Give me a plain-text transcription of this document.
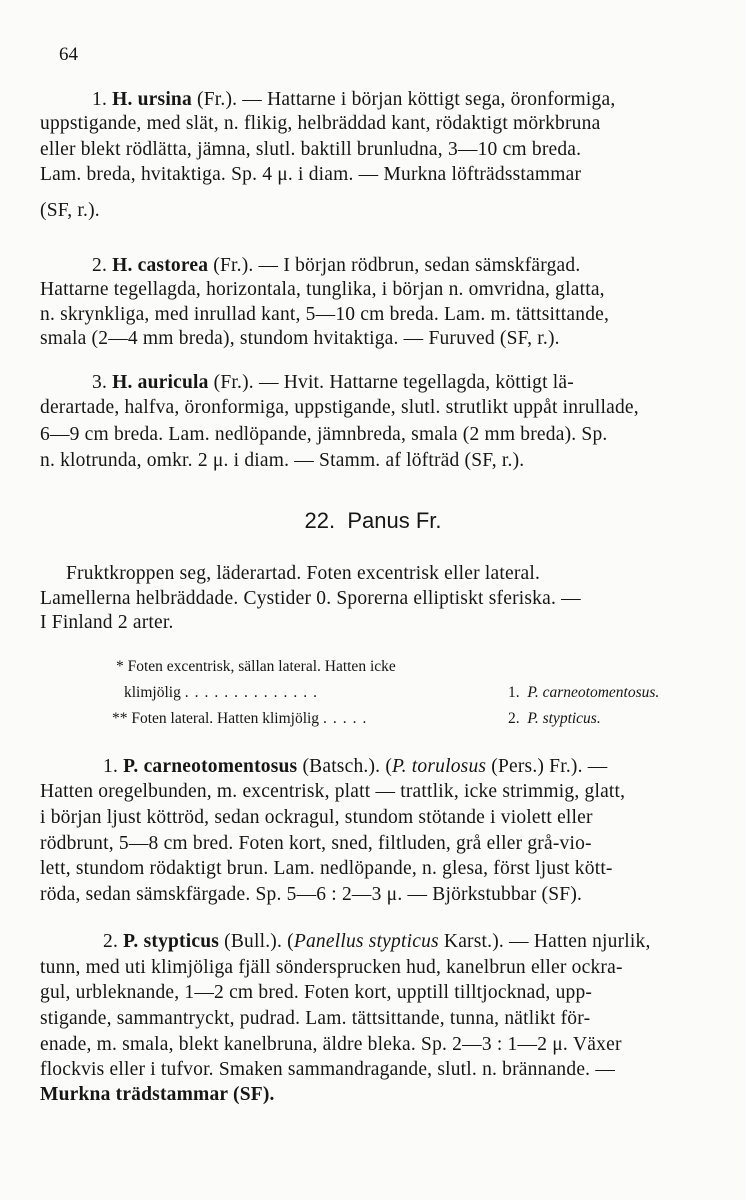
64
1. H. ursina (Fr.). — Hattarne i början köttigt sega, öronformiga,
uppstigande, med slät, n. flikig, helbräddad kant, rödaktigt mörkbruna
eller blekt rödlätta, jämna, slutl. baktill brunludna, 3—10 cm breda.
Lam. breda, hvitaktiga. Sp. 4 μ. i diam. — Murkna löfträdsstammar
(SF, r.).
2. H. castorea (Fr.). — I början rödbrun, sedan sämskfärgad.
Hattarne tegellagda, horizontala, tunglika, i början n. omvridna, glatta,
n. skrynkliga, med inrullad kant, 5—10 cm breda. Lam. m. tättsittande,
smala (2—4 mm breda), stundom hvitaktiga. — Furuved (SF, r.).
3. H. auricula (Fr.). — Hvit. Hattarne tegellagda, köttigt lä-
derartade, halfva, öronformiga, uppstigande, slutl. strutlikt uppåt inrullade,
6—9 cm breda. Lam. nedlöpande, jämnbreda, smala (2 mm breda). Sp.
n. klotrunda, omkr. 2 μ. i diam. — Stamm. af löfträd (SF, r.).
22. Panus Fr.
Fruktkroppen seg, läderartad. Foten excentrisk eller lateral.
Lamellerna helbräddade. Cystider 0. Sporerna elliptiskt sferiska. —
I Finland 2 arter.
* Foten excentrisk, sällan lateral. Hatten icke
klimjölig ..............	1. P. carneotomentosus.
** Foten lateral. Hatten klimjölig .....	2. P. stypticus.
1. P. carneotomentosus (Batsch.). (P. torulosus (Pers.) Fr.). —
Hatten oregelbunden, m. excentrisk, platt — trattlik, icke strimmig, glatt,
i början ljust köttröd, sedan ockragul, stundom stötande i violett eller
rödbrunt, 5—8 cm bred. Foten kort, sned, filtluden, grå eller grå-vio-
lett, stundom rödaktigt brun. Lam. nedlöpande, n. glesa, först ljust kött-
röda, sedan sämskfärgade. Sp. 5—6 : 2—3 μ. — Björkstubbar (SF).
2. P. stypticus (Bull.). (Panellus stypticus Karst.). — Hatten njurlik,
tunn, med uti klimjöliga fjäll söndersprucken hud, kanelbrun eller ockra-
gul, urbleknande, 1—2 cm bred. Foten kort, upptill tilltjocknad, upp-
stigande, sammantryckt, pudrad. Lam. tättsittande, tunna, nätlikt för-
enade, m. smala, blekt kanelbruna, äldre bleka. Sp. 2—3 : 1—2 μ. Växer
flockvis eller i tufvor. Smaken sammandragande, slutl. n. brännande. —
Murkna trädstammar (SF).
